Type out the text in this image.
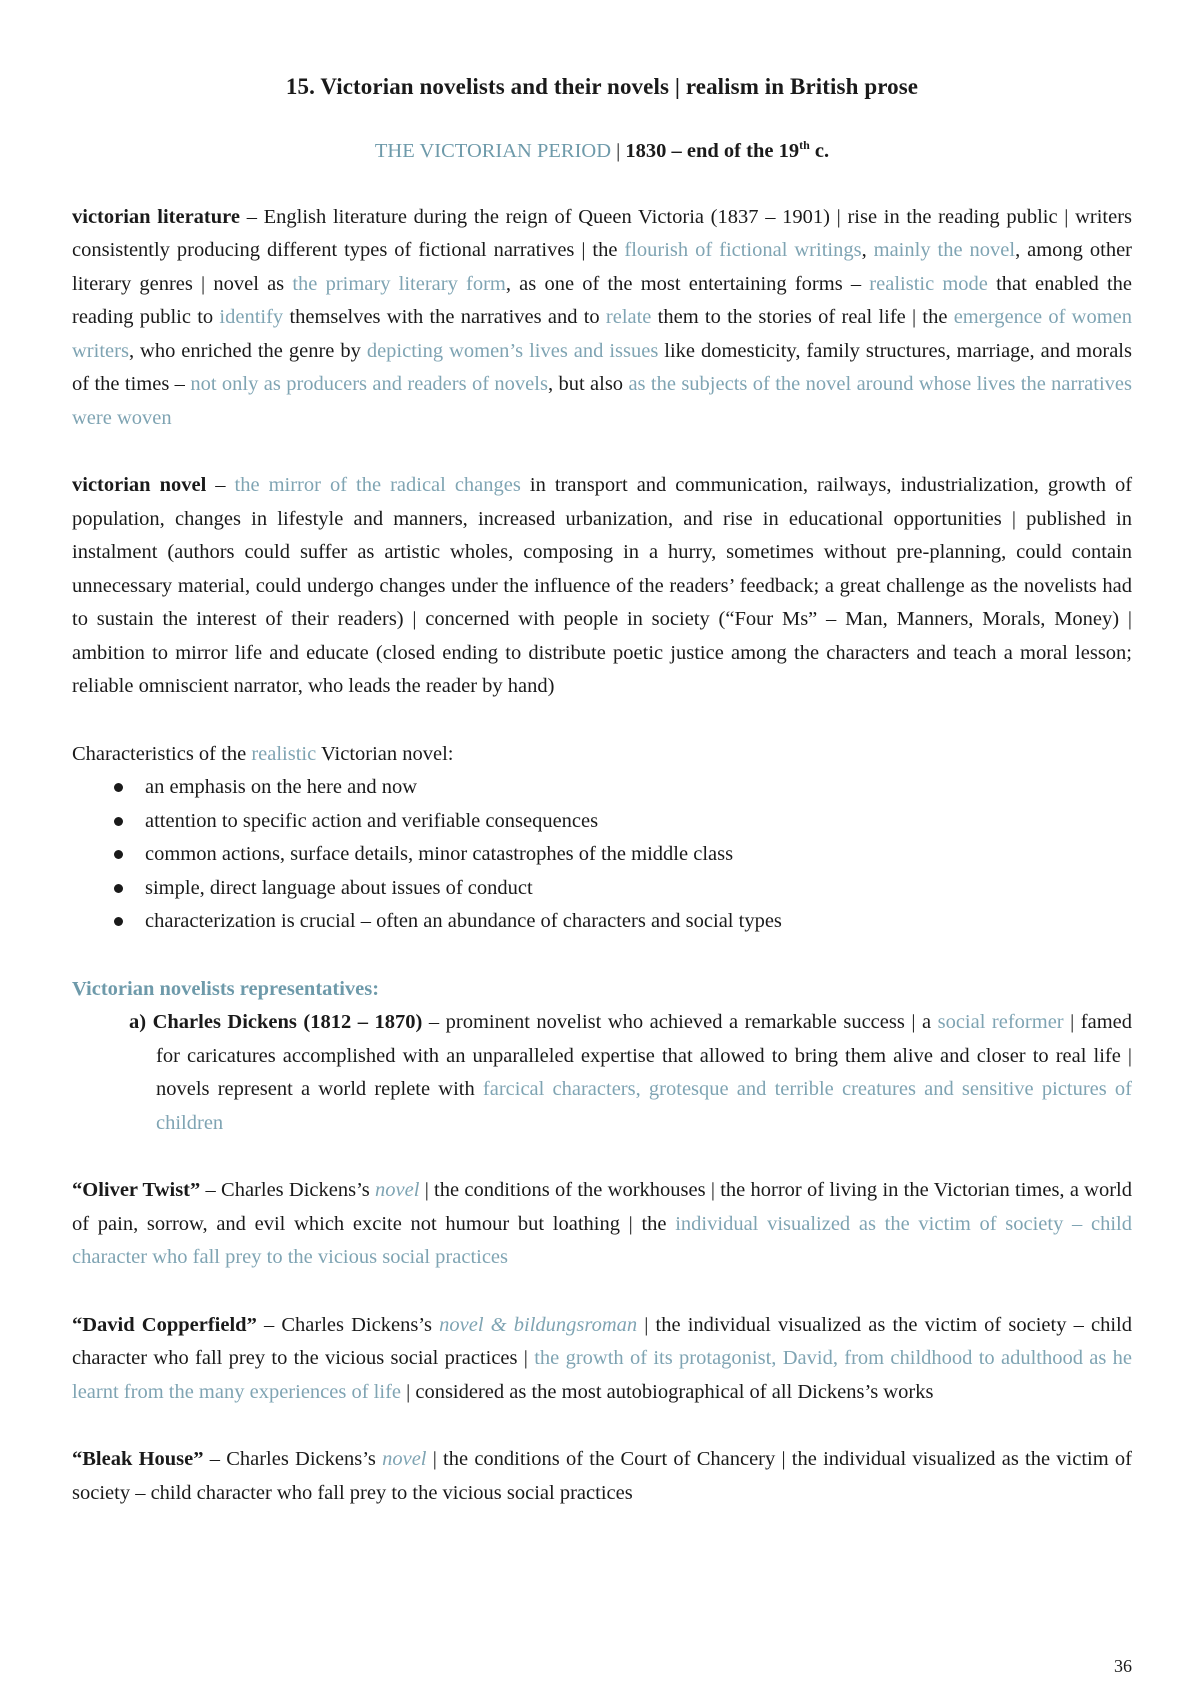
15. Victorian novelists and their novels | realism in British prose
THE VICTORIAN PERIOD | 1830 – end of the 19th c.

victorian literature – English literature during the reign of Queen Victoria (1837 – 1901) | rise in the reading public | writers consistently producing different types of fictional narratives | the flourish of fictional writings, mainly the novel, among other literary genres | novel as the primary literary form, as one of the most entertaining forms – realistic mode that enabled the reading public to identify themselves with the narratives and to relate them to the stories of real life | the emergence of women writers, who enriched the genre by depicting women’s lives and issues like domesticity, family structures, marriage, and morals of the times – not only as producers and readers of novels, but also as the subjects of the novel around whose lives the narratives were woven

victorian novel – the mirror of the radical changes in transport and communication, railways, industrialization, growth of population, changes in lifestyle and manners, increased urbanization, and rise in educational opportunities | published in instalment (authors could suffer as artistic wholes, composing in a hurry, sometimes without pre-planning, could contain unnecessary material, could undergo changes under the influence of the readers’ feedback; a great challenge as the novelists had to sustain the interest of their readers) | concerned with people in society (“Four Ms” – Man, Manners, Morals, Money) | ambition to mirror life and educate (closed ending to distribute poetic justice among the characters and teach a moral lesson; reliable omniscient narrator, who leads the reader by hand)

Characteristics of the realistic Victorian novel:

an emphasis on the here and now
attention to specific action and verifiable consequences
common actions, surface details, minor catastrophes of the middle class
simple, direct language about issues of conduct
characterization is crucial – often an abundance of characters and social types
Victorian novelists representatives:
a) Charles Dickens (1812 – 1870) – prominent novelist who achieved a remarkable success | a social reformer | famed for caricatures accomplished with an unparalleled expertise that allowed to bring them alive and closer to real life | novels represent a world replete with farcical characters, grotesque and terrible creatures and sensitive pictures of children

“Oliver Twist” – Charles Dickens’s novel | the conditions of the workhouses | the horror of living in the Victorian times, a world of pain, sorrow, and evil which excite not humour but loathing | the individual visualized as the victim of society – child character who fall prey to the vicious social practices

“David Copperfield” – Charles Dickens’s novel & bildungsroman | the individual visualized as the victim of society – child character who fall prey to the vicious social practices | the growth of its protagonist, David, from childhood to adulthood as he learnt from the many experiences of life | considered as the most autobiographical of all Dickens’s works

“Bleak House” – Charles Dickens’s novel | the conditions of the Court of Chancery | the individual visualized as the victim of society – child character who fall prey to the vicious social practices

36
